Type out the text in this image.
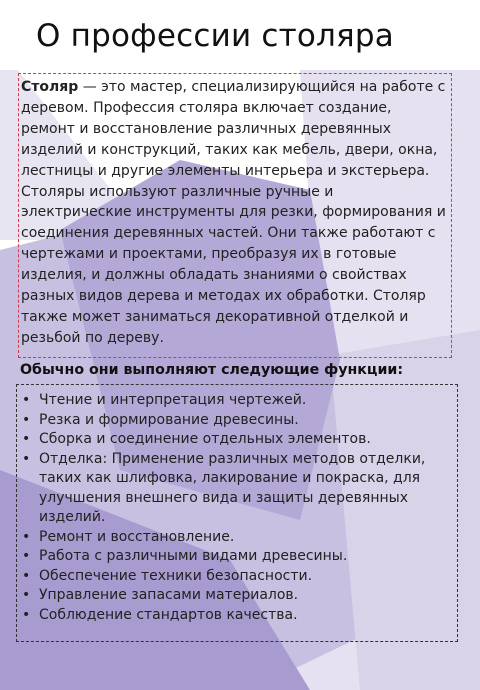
О профессии столяра

Столяр — это мастер, специализирующийся на работе с деревом. Профессия столяра включает создание, ремонт и восстановление различных деревянных изделий и конструкций, таких как мебель, двери, окна, лестницы и другие элементы интерьера и экстерьера. Столяры используют различные ручные и электрические инструменты для резки, формирования и соединения деревянных частей. Они также работают с чертежами и проектами, преобразуя их в готовые изделия, и должны обладать знаниями о свойствах разных видов дерева и методах их обработки. Столяр также может заниматься декоративной отделкой и резьбой по дереву.

Обычно они выполняют следующие функции:
• Чтение и интерпретация чертежей.
• Резка и формирование древесины.
• Сборка и соединение отдельных элементов.
• Отделка: Применение различных методов отделки, таких как шлифовка, лакирование и покраска, для улучшения внешнего вида и защиты деревянных изделий.
• Ремонт и восстановление.
• Работа с различными видами древесины.
• Обеспечение техники безопасности.
• Управление запасами материалов.
• Соблюдение стандартов качества.
